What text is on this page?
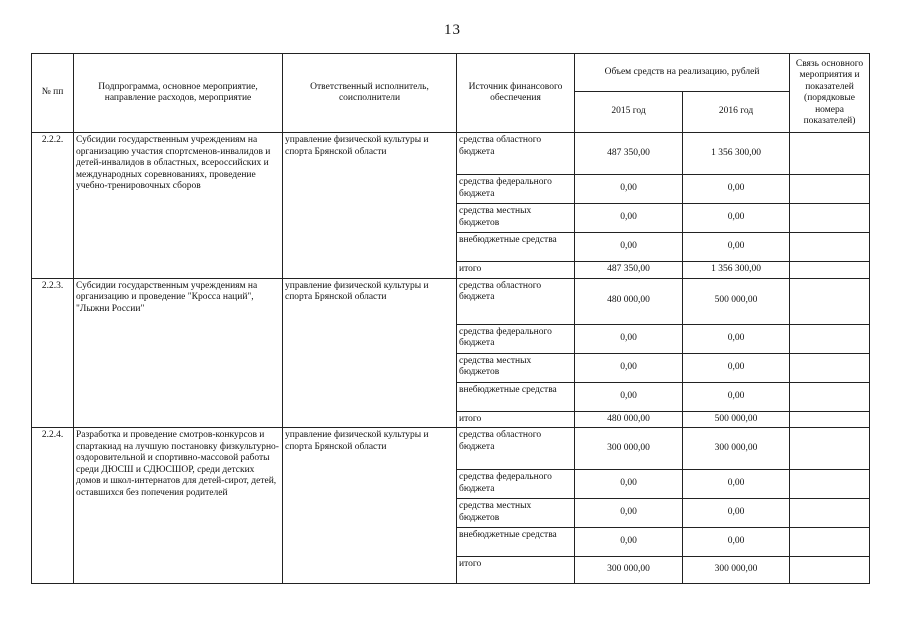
13
№ пп	Подпрограмма, основное мероприятие, направление расходов, мероприятие	Ответственный исполнитель, соисполнители	Источник финансового обеспечения	Объем средств на реализацию, рублей		Связь основного мероприятия и показателей (порядковые номера показателей)
				2015 год	2016 год	
2.2.2.	Субсидии государственным учреждениям на организацию участия спортсменов-инвалидов и детей-инвалидов в областных, всероссийских и международных соревнованиях, проведение учебно-тренировочных сборов	управление физической культуры и спорта Брянской области	средства областного бюджета	487 350,00	1 356 300,00	
			средства федерального бюджета	0,00	0,00	
			средства местных бюджетов	0,00	0,00	
			внебюджетные средства	0,00	0,00	
			итого	487 350,00	1 356 300,00	
2.2.3.	Субсидии государственным учреждениям на организацию и проведение "Кросса наций", "Лыжни России"	управление физической культуры и спорта Брянской области	средства областного бюджета	480 000,00	500 000,00	
			средства федерального бюджета	0,00	0,00	
			средства местных бюджетов	0,00	0,00	
			внебюджетные средства	0,00	0,00	
			итого	480 000,00	500 000,00	
2.2.4.	Разработка и проведение смотров-конкурсов и спартакиад на лучшую постановку физкультурно-оздоровительной и спортивно-массовой работы среди ДЮСШ и СДЮСШОР, среди детских домов и школ-интернатов для детей-сирот, детей, оставшихся без попечения родителей	управление физической культуры и спорта Брянской области	средства областного бюджета	300 000,00	300 000,00	
			средства федерального бюджета	0,00	0,00	
			средства местных бюджетов	0,00	0,00	
			внебюджетные средства	0,00	0,00	
			итого	300 000,00	300 000,00	
